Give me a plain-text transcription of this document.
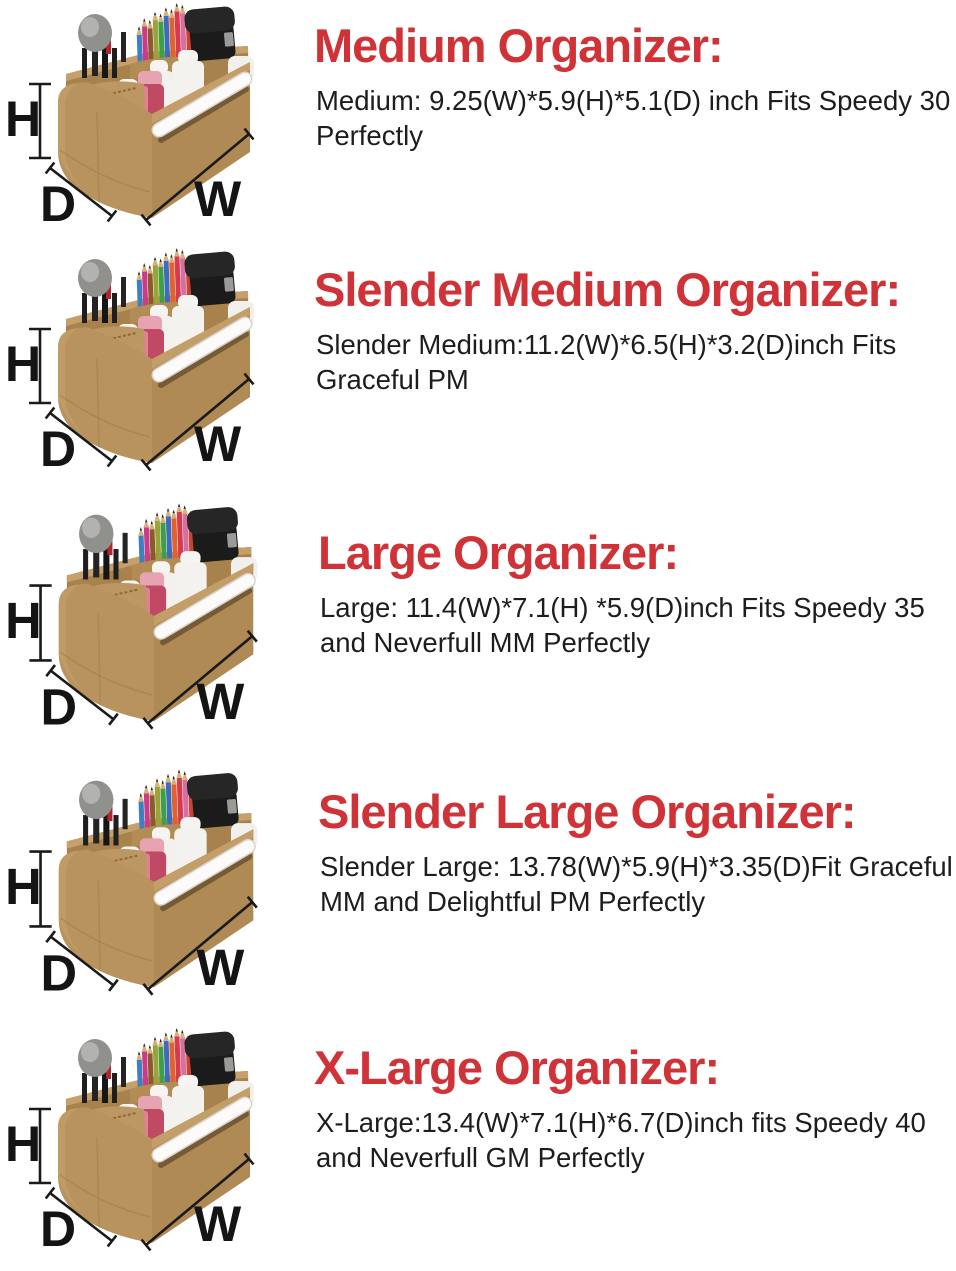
Medium Organizer:

Medium: 9.25(W)*5.9(H)*5.1(D) inch Fits Speedy 30 Perfectly

Slender Medium Organizer:

Slender Medium:11.2(W)*6.5(H)*3.2(D)inch Fits Graceful PM

Large Organizer:

Large: 11.4(W)*7.1(H) *5.9(D)inch Fits Speedy 35 and Neverfull MM Perfectly

Slender Large Organizer:

Slender Large: 13.78(W)*5.9(H)*3.35(D)Fit Graceful MM and Delightful PM Perfectly

X-Large Organizer:

X-Large:13.4(W)*7.1(H)*6.7(D)inch fits Speedy 40 and Neverfull GM Perfectly
